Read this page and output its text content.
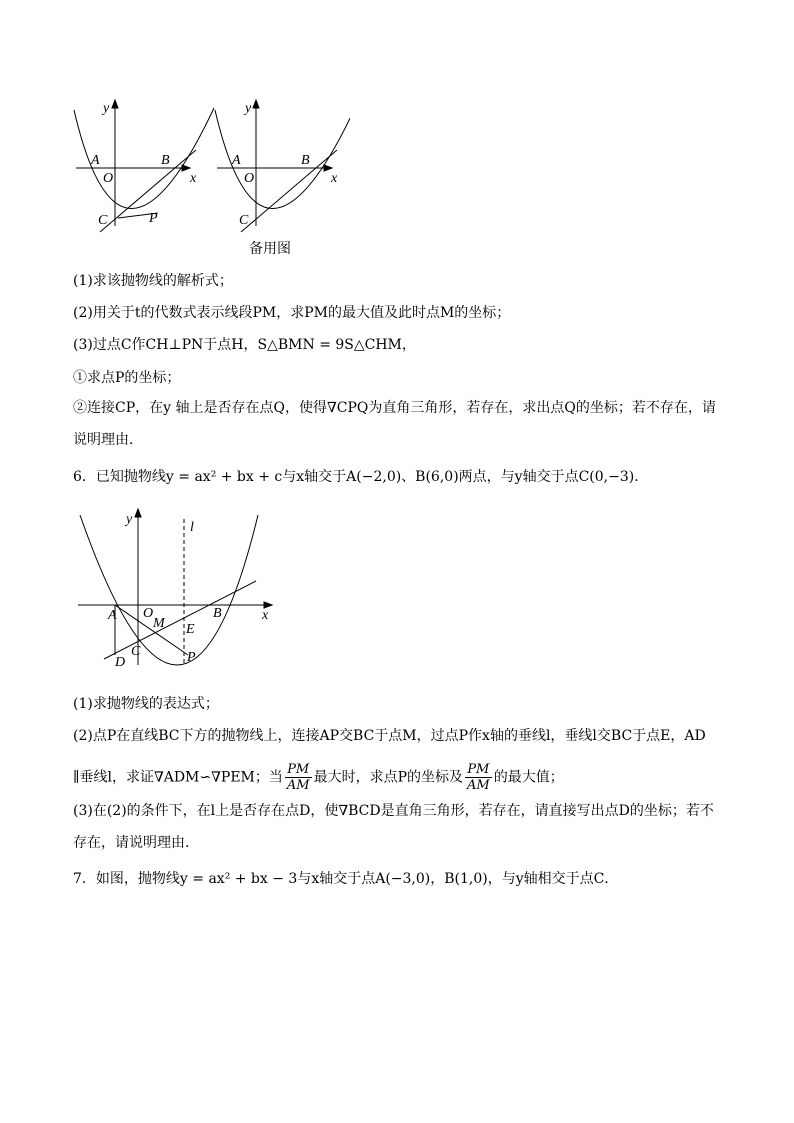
y
A	B
O	x
C	P
y
A	B
O	x
C
备用图
(1)求该抛物线的解析式；
(2)用关于t的代数式表示线段PM，求PM的最大值及此时点M的坐标；
(3)过点C作CH⊥PN于点H，S△BMN = 9S△CHM，
①求点P的坐标；
②连接CP，在y 轴上是否存在点Q，使得∇CPQ为直角三角形，若存在，求出点Q的坐标；若不存在，请
说明理由．
6．已知抛物线y = ax² + bx + c与x轴交于A(−2,0)、B(6,0)两点，与y轴交于点C(0,−3)．
y
l
A O
M
B	x
E
C
D	P
(1)求抛物线的表达式；
(2)点P在直线BC下方的抛物线上，连接AP交BC于点M，过点P作x轴的垂线l，垂线l交BC于点E，AD
∥垂线l，求证∇ADM∽∇PEM；当 $\frac{PM}{AM}$ 最大时，求点P的坐标及 $\frac{PM}{AM}$ 的最大值；
(3)在(2)的条件下，在l上是否存在点D，使∇BCD是直角三角形，若存在，请直接写出点D的坐标；若不
存在，请说明理由．
7．如图，抛物线y = ax² + bx − 3与x轴交于点A(−3,0)，B(1,0)，与y轴相交于点C．
